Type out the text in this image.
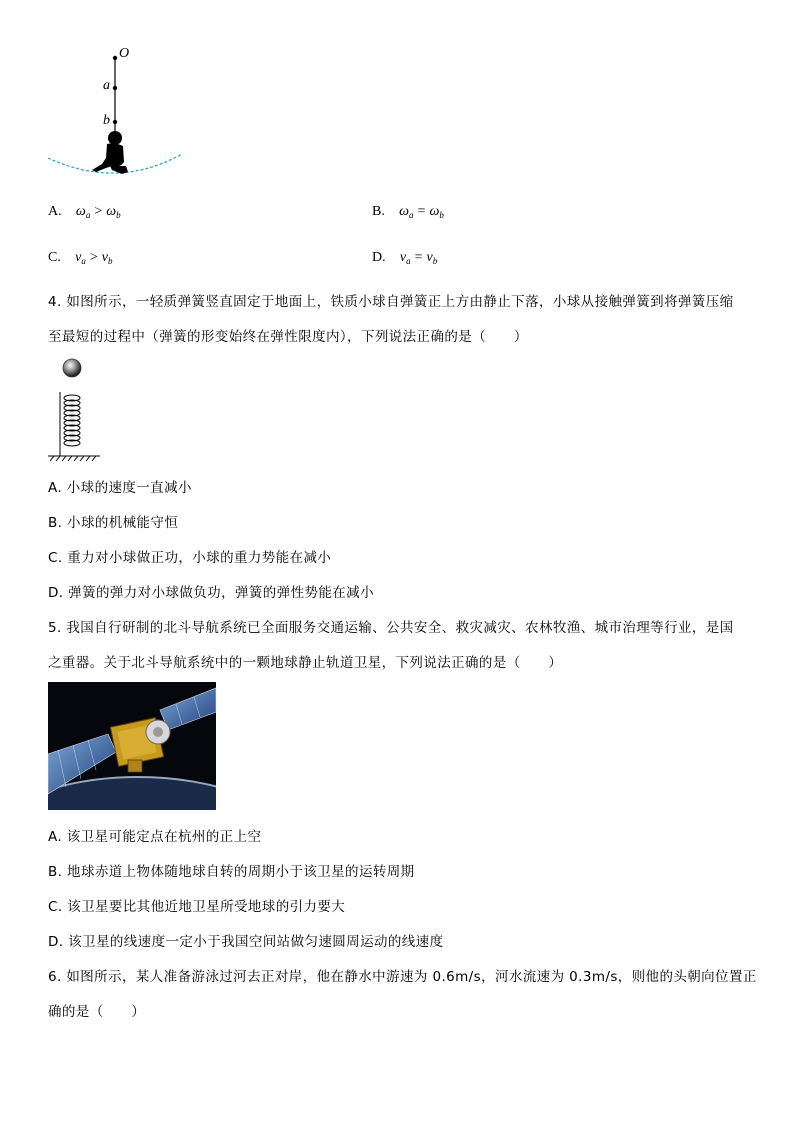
O
a
b
A. $\omega_a > \omega_b$	B. $\omega_a = \omega_b$
C. $v_a > v_b$	D. $v_a = v_b$
4. 如图所示，一轻质弹簧竖直固定于地面上，铁质小球自弹簧正上方由静止下落，小球从接触弹簧到将弹簧压缩
至最短的过程中（弹簧的形变始终在弹性限度内），下列说法正确的是（　　）
A. 小球的速度一直减小
B. 小球的机械能守恒
C. 重力对小球做正功，小球的重力势能在减小
D. 弹簧的弹力对小球做负功，弹簧的弹性势能在减小
5. 我国自行研制的北斗导航系统已全面服务交通运输、公共安全、救灾减灾、农林牧渔、城市治理等行业，是国
之重器。关于北斗导航系统中的一颗地球静止轨道卫星，下列说法正确的是（　　）
A. 该卫星可能定点在杭州的正上空
B. 地球赤道上物体随地球自转的周期小于该卫星的运转周期
C. 该卫星要比其他近地卫星所受地球的引力要大
D. 该卫星的线速度一定小于我国空间站做匀速圆周运动的线速度
6. 如图所示，某人准备游泳过河去正对岸，他在静水中游速为 0.6m/s，河水流速为 0.3m/s，则他的头朝向位置正
确的是（　　）
